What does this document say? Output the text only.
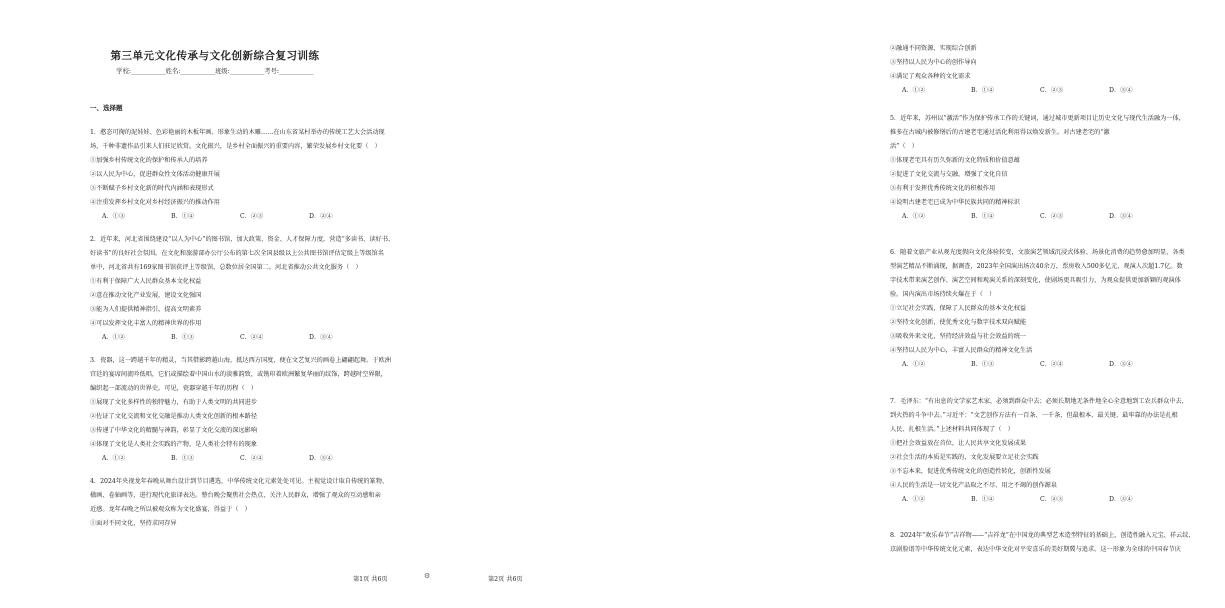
第三单元文化传承与文化创新综合复习训练
学校:___________姓名:___________班级:___________考号:___________
一、选择题
1．憨态可掬的泥娃娃、色彩艳丽的木板年画、形象生动的木雕……在山东省某村举办的传统工艺大会活动现
场，千种非遗作品引来人们驻足欣赏。文化振兴，是乡村全面振兴的重要内容，繁荣发展乡村文化要（　）
①加强乡村传统文化的保护和传承人的培养
②以人民为中心，促进群众性文体活动健康开展
③不断赋予乡村文化新的时代内涵和表现形式
④注重发挥乡村文化对乡村经济振兴的推动作用
A．①③	B．①④	C．②③	D．②④
2．近年来，河北省围绕建设“以人为中心”的图书馆，加大政策、资金、人才保障力度，营造“多读书、读好书、
好读书”的良好社会氛围。在文化和旅游部办公厅公布的第七次全国县级以上公共图书馆评估定级上等级馆名
单中，河北省共有169家图书馆获评上等级馆，总数位居全国第二。河北省推动公共文化服务（　）
①有利于保障广大人民群众基本文化权益
②意在推动文化产业发展，建设文化强国
③能为人们提供精神指引，提高文明素养
④可以发挥文化丰富人的精神世界的作用
A．①②	B．①③	C．②④	D．③④
3．瓷器，这一跨越千年的精灵，当其借影跨越山海，抵达西方国度，便在文艺复兴的画卷上翩翩起舞。于欧洲
宫廷的宴席间流吟低唱，它们或描绘着中国山水的淡雅韵致，或镌印着欧洲繁复华丽的纹饰，跨越时空界限，
编织起一部流动的世界史。可见，瓷器穿越千年的历程（　）
①展现了文化多样性的独特魅力，有助于人类文明的共同进步
②佐证了文化交流和文化交融是推动人类文化创新的根本路径
③传递了中华文化的精髓与神韵，彰显了文化交流的深远影响
④体现了文化是人类社会实践的产物，是人类社会特有的现象
A．①②	B．①③	C．②④	D．③④
4．2024年央视龙年春晚从舞台设计到节目遴选，中华传统文化元素处处可见。主视觉设计取自传统的篆物、
楹画、卷轴画等，进行现代化旅译表达。整台晚会聚焦社会热点，关注人民群众，增强了观众的互动感和亲
近感。龙年春晚之所以被观众称为文化盛宴，得益于（　）
①面对不同文化，坚持求同存异
②融通不同资源，实现综合创新
③坚持以人民为中心的创作导向
④满足了观众各种的文化需求
A．①②	B．①④	C．②③	D．③④
5．近年来，苏州以“激活”作为保护传承工作的关键词，通过城市更新项目让历史文化与现代生活融为一体，
推多在古城内被修缮后的古建老宅通过活化利用得以焕发新生。对古建老宅的“激
活”（　）
①体现老宅具有历久弥新的文化特质和价值意蕴
②促进了文化交流与交融，增强了文化自信
③有利于发挥优秀传统文化的积极作用
④说明古建老宅已成为中华民族共同的精神标识
A．①②	B．①④	C．②③	D．③④
6．随着文旅产业从观光度假向文化体验转变，文旅演艺领域沉浸式体验、场景化消费的趋势愈加明显，各类
型演艺精品不断涌现，据调查，2023年全国演出场次40余万，票房收入500多亿元，观演人次超1.7亿。数
字技术带来演艺创作、演艺空间和观演关系的深刻变化，使剧场更具吸引力，为观众提供更加新颖的观演体
验。国内演出市场持续火爆在于（　）
①立足社会实践，保障了人民群众的基本文化权益
②坚持文化创新，使优秀文化与数字技术双向赋能
③吸收外来文化，坚持经济效益与社会效益的统一
④坚持以人民为中心，丰富人民群众的精神文化生活
A．①②	B．①③	C．②④	D．③④
7．毛泽东：“有出息的文学家艺术家，必须到群众中去；必须长期地无条件地全心全意地到工农兵群众中去，
到火热的斗争中去。”习近平：“文艺创作方法有一百条、一千条，但最根本、最关键、最牢靠的办法是扎根
人民、扎根生活。”上述材料共同体现了（　）
①把社会效益放在首位，让人民共享文化发展成果
②社会生活的本质是实践的，文化发展要立足社会实践
③不忘本来，促进优秀传统文化的创造性转化，创新性发展
④人民的生活是一切文化产品取之不尽、用之不竭的创作源泉
A．①②	B．①④	C．②③	D．③④
8．2024年“欢乐春节”吉祥物——“吉祥龙”在中国龙的典型艺术造型特征的基础上，创造性融入元宝、祥云纹、
京剧脸谱等中华传统文化元素，表达中华文化对平安喜乐的美好期冀与追求。这一形象为全球的中国春节庆
第1页 共6页	⚙	第2页 共6页
